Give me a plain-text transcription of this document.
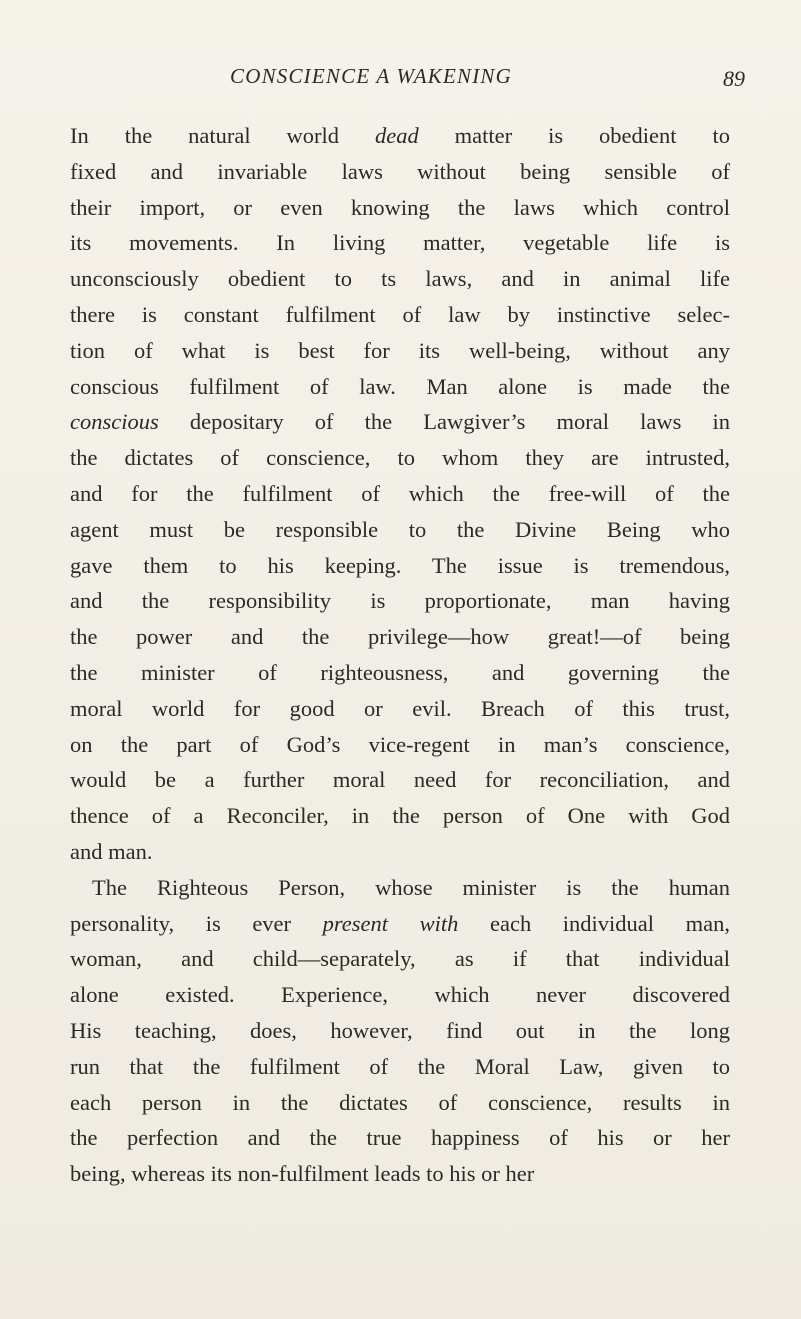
CONSCIENCE A WAKENING	89
In the natural world dead matter is obedient to
fixed and invariable laws without being sensible of
their import, or even knowing the laws which control
its movements. In living matter, vegetable life is
unconsciously obedient to ts laws, and in animal life
there is constant fulfilment of law by instinctive selec-
tion of what is best for its well-being, without any
conscious fulfilment of law. Man alone is made the
conscious depositary of the Lawgiver’s moral laws in
the dictates of conscience, to whom they are intrusted,
and for the fulfilment of which the free-will of the
agent must be responsible to the Divine Being who
gave them to his keeping. The issue is tremendous,
and the responsibility is proportionate, man having
the power and the privilege—how great!—of being
the minister of righteousness, and governing the
moral world for good or evil. Breach of this trust,
on the part of God’s vice-regent in man’s conscience,
would be a further moral need for reconciliation, and
thence of a Reconciler, in the person of One with God
and man.
The Righteous Person, whose minister is the human
personality, is ever present with each individual man,
woman, and child—separately, as if that individual
alone existed. Experience, which never discovered
His teaching, does, however, find out in the long
run that the fulfilment of the Moral Law, given to
each person in the dictates of conscience, results in
the perfection and the true happiness of his or her
being, whereas its non-fulfilment leads to his or her
